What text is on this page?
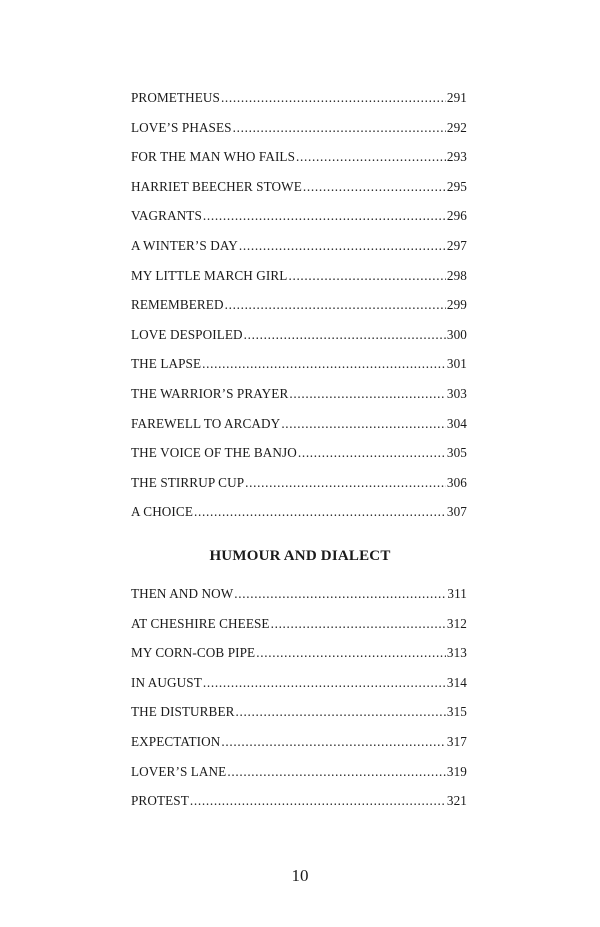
PROMETHEUS . . .	291
LOVE’S PHASES . . .	292
FOR THE MAN WHO FAILS . . .	293
HARRIET BEECHER STOWE . . .	295
VAGRANTS . . .	296
A WINTER’S DAY . . .	297
MY LITTLE MARCH GIRL . . .	298
REMEMBERED . . .	299
LOVE DESPOILED . . .	300
THE LAPSE . . .	301
THE WARRIOR’S PRAYER . . .	303
FAREWELL TO ARCADY . . .	304
THE VOICE OF THE BANJO . . .	305
THE STIRRUP CUP . . .	306
A CHOICE . . .	307
HUMOUR AND DIALECT
THEN AND NOW . . .	311
AT CHESHIRE CHEESE . . .	312
MY CORN-COB PIPE . . .	313
IN AUGUST . . .	314
THE DISTURBER . . .	315
EXPECTATION . . .	317
LOVER’S LANE . . .	319
PROTEST . . .	321
10
